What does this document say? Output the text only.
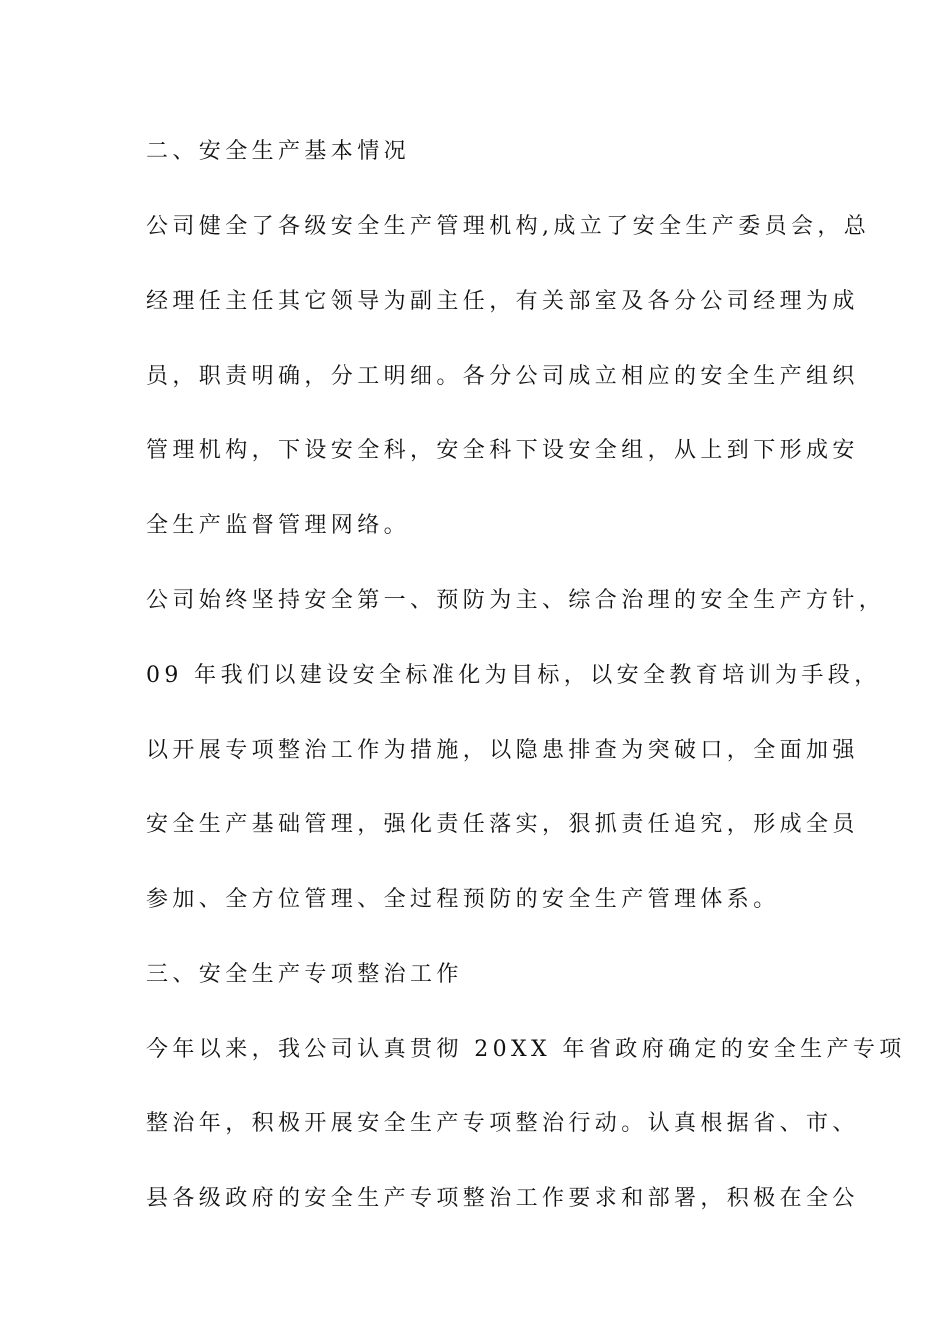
二、安全生产基本情况
公司健全了各级安全生产管理机构,成立了安全生产委员会，总
经理任主任其它领导为副主任，有关部室及各分公司经理为成
员，职责明确，分工明细。各分公司成立相应的安全生产组织
管理机构，下设安全科，安全科下设安全组，从上到下形成安
全生产监督管理网络。
公司始终坚持安全第一、预防为主、综合治理的安全生产方针，
09 年我们以建设安全标准化为目标，以安全教育培训为手段，
以开展专项整治工作为措施，以隐患排查为突破口，全面加强
安全生产基础管理，强化责任落实，狠抓责任追究，形成全员
参加、全方位管理、全过程预防的安全生产管理体系。
三、安全生产专项整治工作
今年以来，我公司认真贯彻 20XX 年省政府确定的安全生产专项
整治年，积极开展安全生产专项整治行动。认真根据省、市、
县各级政府的安全生产专项整治工作要求和部署，积极在全公
